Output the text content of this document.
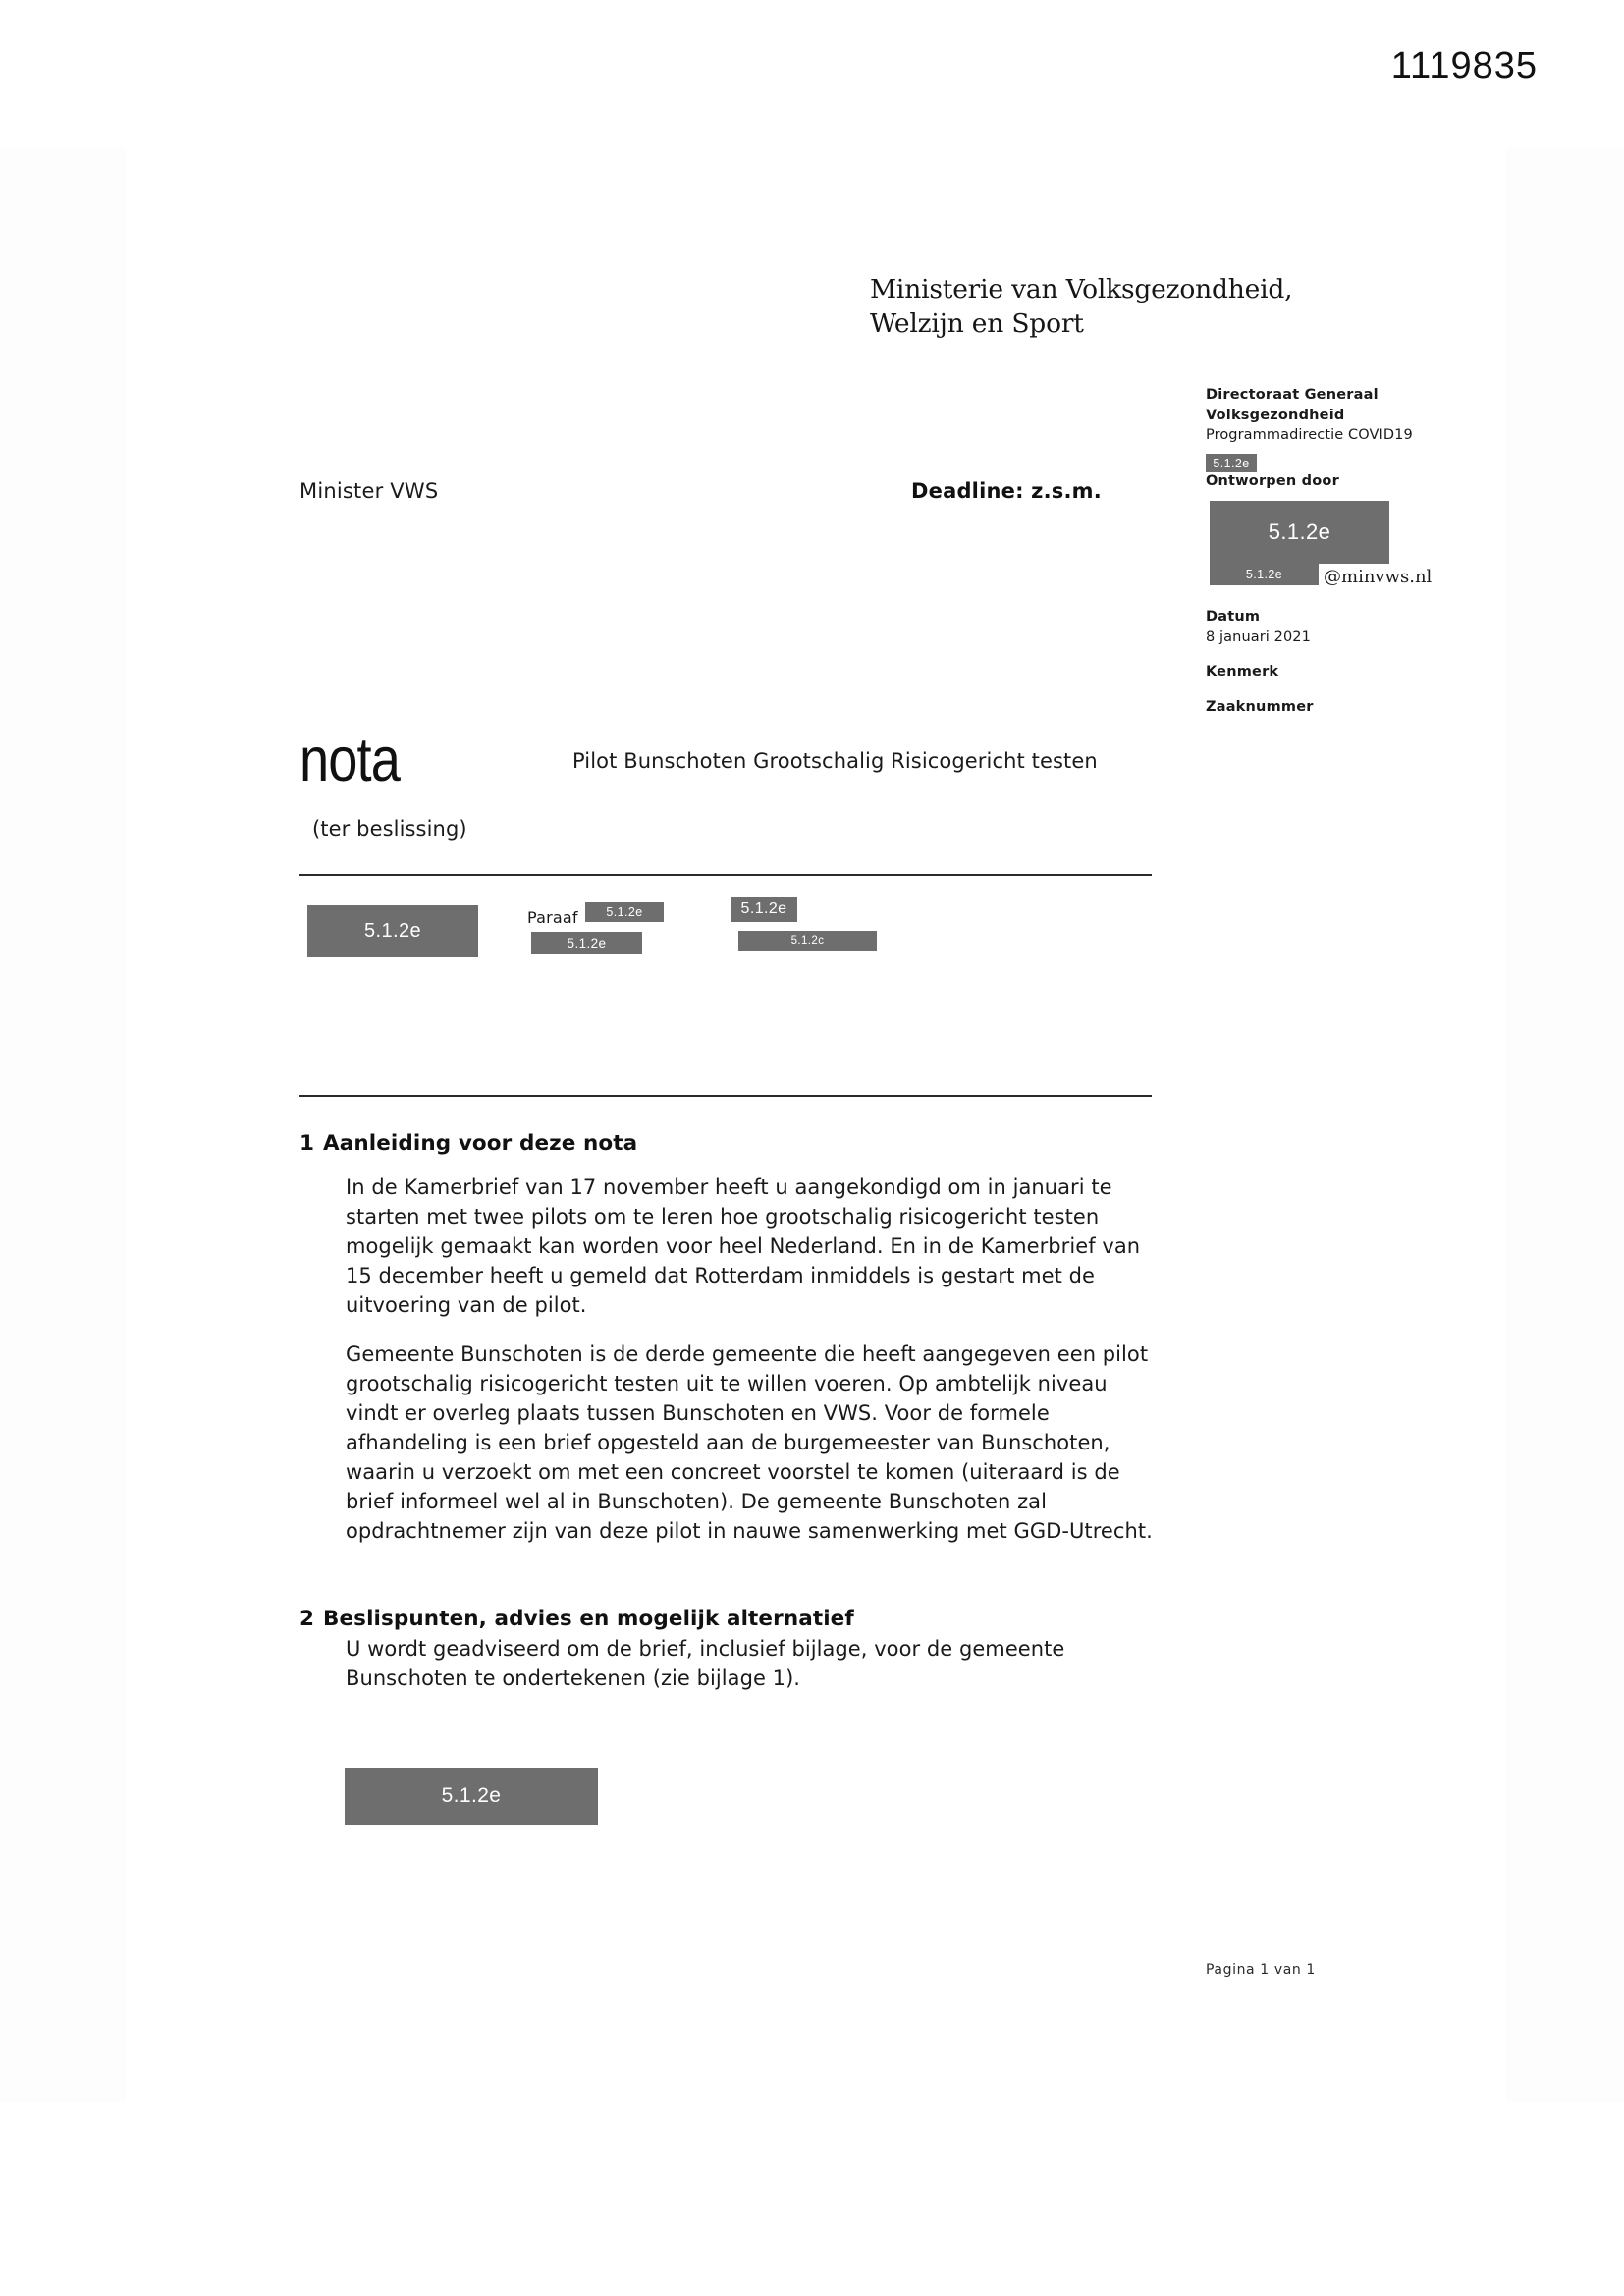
1119835
Ministerie van Volksgezondheid,
Welzijn en Sport
Minister VWS	Deadline: z.s.m.
Directoraat Generaal
Volksgezondheid
Programmadirectie COVID19
Ontworpen door
Datum
8 januari 2021
Kenmerk
Zaaknummer
5.1.2e
5.1.2e
5.1.2e	@minvws.nl
nota	Pilot Bunschoten Grootschalig Risicogericht testen
(ter beslissing)
5.1.2e
Paraaf	5.1.2e
5.1.2e
5.1.2e
5.1.2c
1 Aanleiding voor deze nota
In de Kamerbrief van 17 november heeft u aangekondigd om in januari te starten met twee pilots om te leren hoe grootschalig risicogericht testen mogelijk gemaakt kan worden voor heel Nederland. En in de Kamerbrief van 15 december heeft u gemeld dat Rotterdam inmiddels is gestart met de uitvoering van de pilot.
Gemeente Bunschoten is de derde gemeente die heeft aangegeven een pilot grootschalig risicogericht testen uit te willen voeren. Op ambtelijk niveau vindt er overleg plaats tussen Bunschoten en VWS. Voor de formele afhandeling is een brief opgesteld aan de burgemeester van Bunschoten, waarin u verzoekt om met een concreet voorstel te komen (uiteraard is de brief informeel wel al in Bunschoten). De gemeente Bunschoten zal opdrachtnemer zijn van deze pilot in nauwe samenwerking met GGD-Utrecht.
2 Beslispunten, advies en mogelijk alternatief
U wordt geadviseerd om de brief, inclusief bijlage, voor de gemeente Bunschoten te ondertekenen (zie bijlage 1).
5.1.2e
Pagina 1 van 1
